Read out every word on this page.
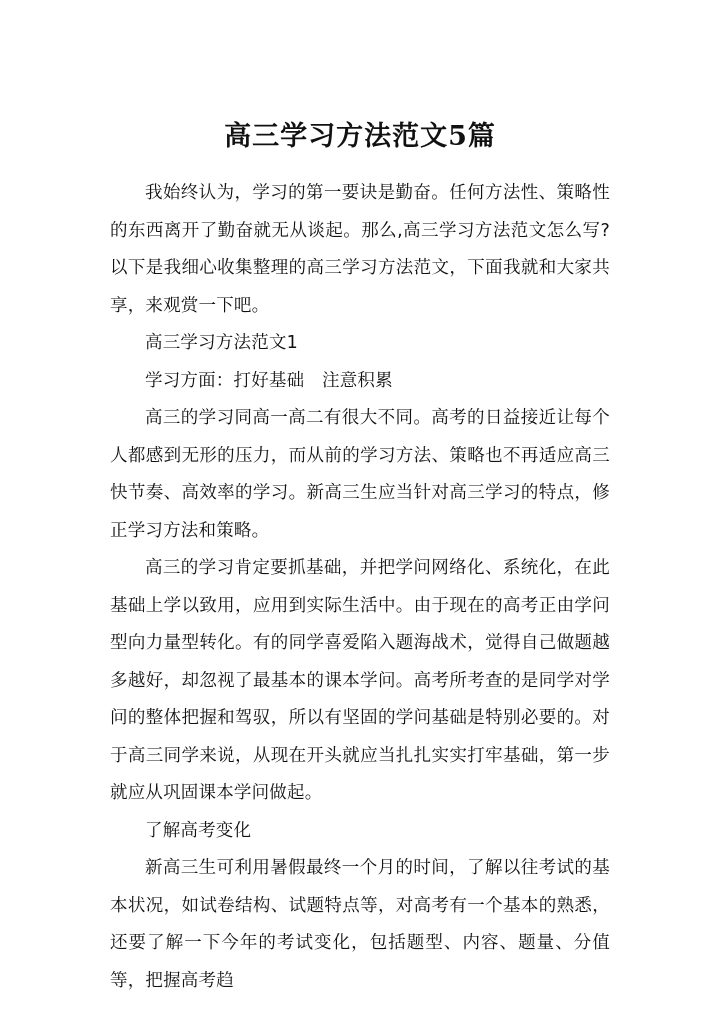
高三学习方法范文5篇

我始终认为，学习的第一要诀是勤奋。任何方法性、策略性的东西离开了勤奋就无从谈起。那么,高三学习方法范文怎么写?以下是我细心收集整理的高三学习方法范文，下面我就和大家共享，来观赏一下吧。

高三学习方法范文1

学习方面：打好基础　注意积累

高三的学习同高一高二有很大不同。高考的日益接近让每个人都感到无形的压力，而从前的学习方法、策略也不再适应高三快节奏、高效率的学习。新高三生应当针对高三学习的特点，修正学习方法和策略。

高三的学习肯定要抓基础，并把学问网络化、系统化，在此基础上学以致用，应用到实际生活中。由于现在的高考正由学问型向力量型转化。有的同学喜爱陷入题海战术，觉得自己做题越多越好，却忽视了最基本的课本学问。高考所考查的是同学对学问的整体把握和驾驭，所以有坚固的学问基础是特别必要的。对于高三同学来说，从现在开头就应当扎扎实实打牢基础，第一步就应从巩固课本学问做起。

了解高考变化

新高三生可利用暑假最终一个月的时间，了解以往考试的基本状况，如试卷结构、试题特点等，对高考有一个基本的熟悉，还要了解一下今年的考试变化，包括题型、内容、题量、分值等，把握高考趋
